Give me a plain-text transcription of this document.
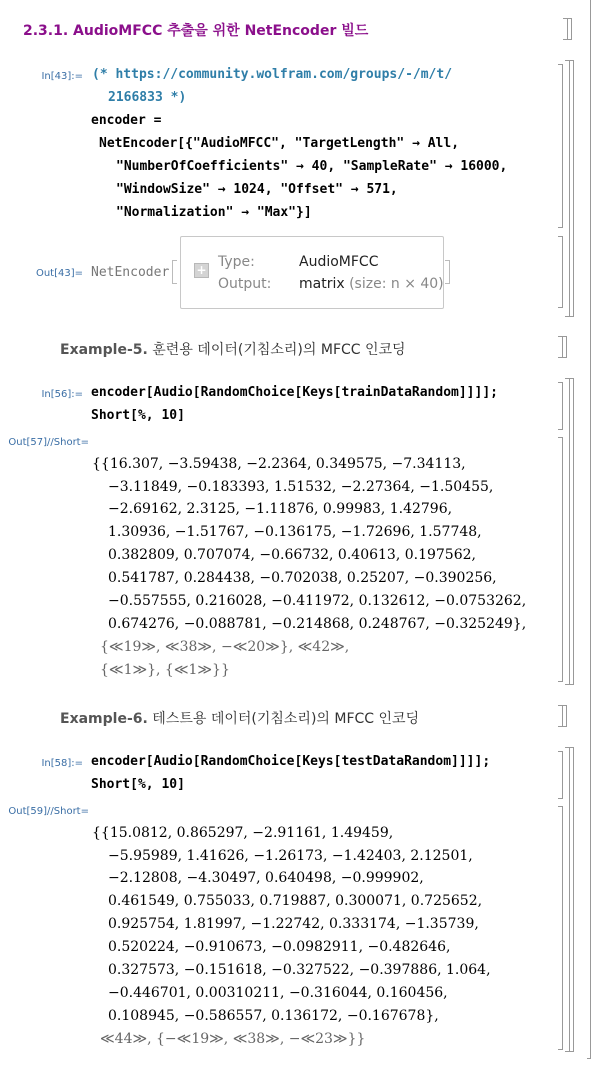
2.3.1. AudioMFCC 추출을 위한 NetEncoder 빌드
In[43]:= (* https://community.wolfram.com/groups/-/m/t/
2166833 *)
encoder =
NetEncoder[{"AudioMFCC", "TargetLength" → All,
"NumberOfCoefficients" → 40, "SampleRate" → 16000,
"WindowSize" → 1024, "Offset" → 571,
"Normalization" → "Max"}]
Out[43]= NetEncoder + Type:	AudioMFCC
Output: matrix (size: n × 40)
Example-5. 훈련용 데이터(기침소리)의 MFCC 인코딩
In[56]:= encoder[Audio[RandomChoice[Keys[trainDataRandom]]]];
Short[%, 10]
Out[57]//Short=
{{16.307, −3.59438, −2.2364, 0.349575, −7.34113,
−3.11849, −0.183393, 1.51532, −2.27364, −1.50455,
−2.69162, 2.3125, −1.11876, 0.99983, 1.42796,
1.30936, −1.51767, −0.136175, −1.72696, 1.57748,
0.382809, 0.707074, −0.66732, 0.40613, 0.197562,
0.541787, 0.284438, −0.702038, 0.25207, −0.390256,
−0.557555, 0.216028, −0.411972, 0.132612, −0.0753262,
0.674276, −0.088781, −0.214868, 0.248767, −0.325249},
{≪19≫, ≪38≫, −≪20≫}, ≪42≫,
{≪1≫}, {≪1≫}}
Example-6. 테스트용 데이터(기침소리)의 MFCC 인코딩
In[58]:= encoder[Audio[RandomChoice[Keys[testDataRandom]]]];
Short[%, 10]
Out[59]//Short=
{{15.0812, 0.865297, −2.91161, 1.49459,
−5.95989, 1.41626, −1.26173, −1.42403, 2.12501,
−2.12808, −4.30497, 0.640498, −0.999902,
0.461549, 0.755033, 0.719887, 0.300071, 0.725652,
0.925754, 1.81997, −1.22742, 0.333174, −1.35739,
0.520224, −0.910673, −0.0982911, −0.482646,
0.327573, −0.151618, −0.327522, −0.397886, 1.064,
−0.446701, 0.00310211, −0.316044, 0.160456,
0.108945, −0.586557, 0.136172, −0.167678},
≪44≫, {−≪19≫, ≪38≫, −≪23≫}}
